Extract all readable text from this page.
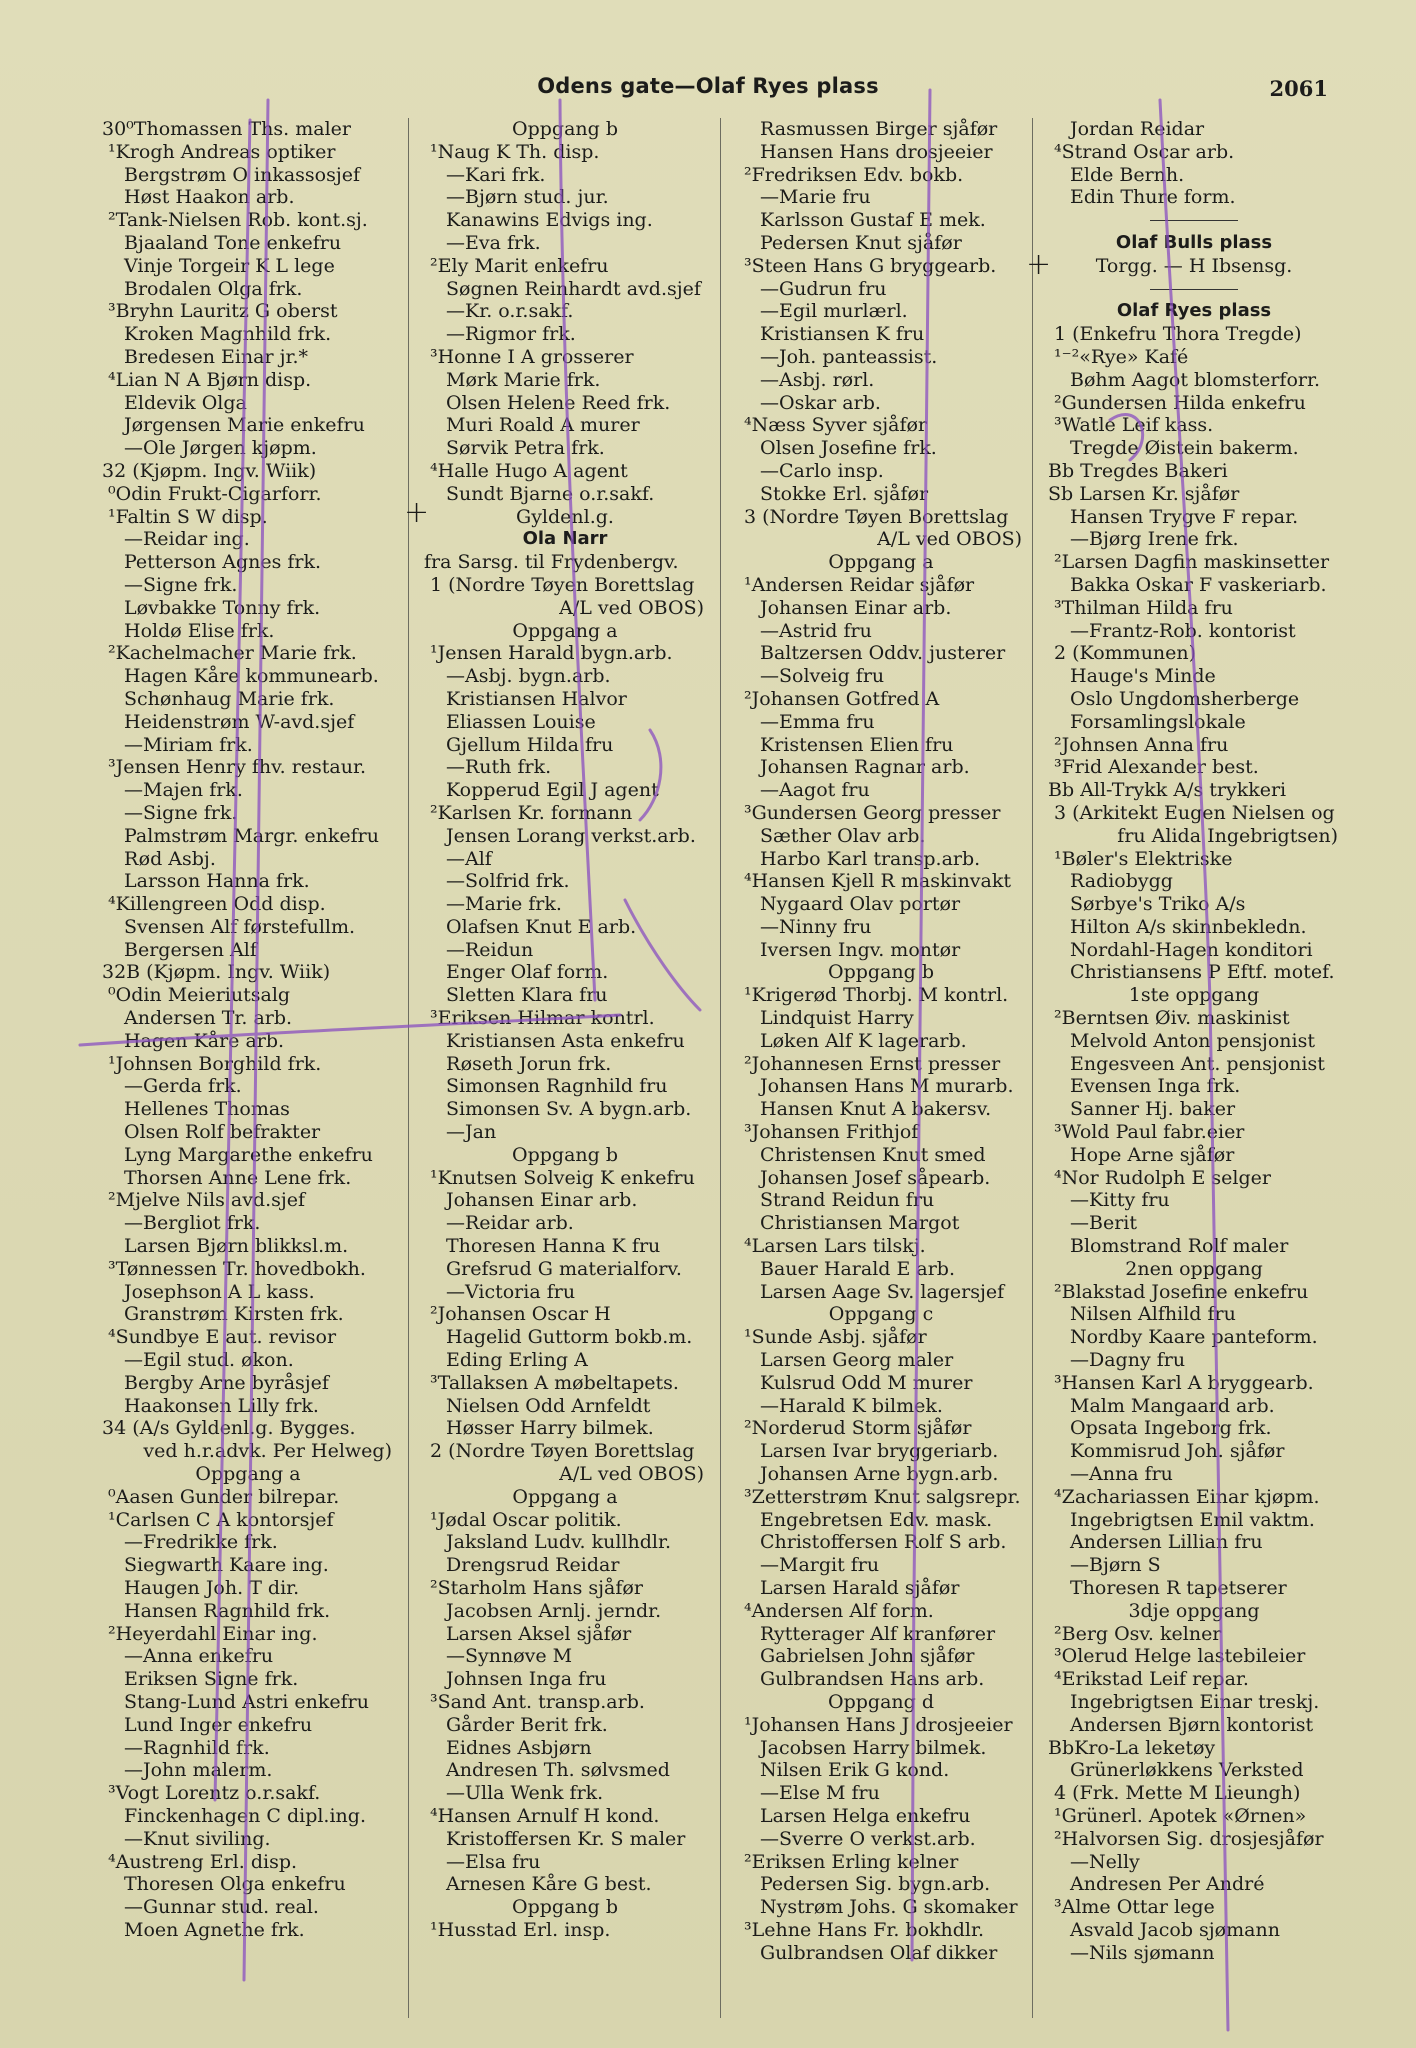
Odens gate—Olaf Ryes plass	2061
30⁰Thomassen Ths. maler
¹Krogh Andreas optiker
Bergstrøm O inkassosjef
Høst Haakon arb.
²Tank-Nielsen Rob. kont.sj.
Bjaaland Tone enkefru
Vinje Torgeir K L lege
Brodalen Olga frk.
³Bryhn Lauritz G oberst
Kroken Magnhild frk.
Bredesen Einar jr.*
⁴Lian N A Bjørn disp.
Eldevik Olga
Jørgensen Marie enkefru
—Ole Jørgen kjøpm.
32 (Kjøpm. Ingv. Wiik)
⁰Odin Frukt-Cigarforr.
¹Faltin S W disp.
—Reidar ing.
Petterson Agnes frk.
—Signe frk.
Løvbakke Tonny frk.
Holdø Elise frk.
²Kachelmacher Marie frk.
Hagen Kåre kommunearb.
Schønhaug Marie frk.
Heidenstrøm W-avd.sjef
—Miriam frk.
³Jensen Henry fhv. restaur.
—Majen frk.
—Signe frk.
Palmstrøm Margr. enkefru
Rød Asbj.
Larsson Hanna frk.
⁴Killengreen Odd disp.
Svensen Alf førstefullm.
Bergersen Alf
32B (Kjøpm. Ingv. Wiik)
⁰Odin Meieriutsalg
Andersen Tr. arb.
Hagen Kåre arb.
¹Johnsen Borghild frk.
—Gerda frk.
Hellenes Thomas
Olsen Rolf befrakter
Lyng Margarethe enkefru
Thorsen Anne Lene frk.
²Mjelve Nils avd.sjef
—Bergliot frk.
Larsen Bjørn blikksl.m.
³Tønnessen Tr. hovedbokh.
Josephson A L kass.
Granstrøm Kirsten frk.
⁴Sundbye E aut. revisor
—Egil stud. økon.
Bergby Arne byråsjef
Haakonsen Lilly frk.
34 (A/s Gyldenl.g. Bygges.
ved h.r.advk. Per Helweg)
Oppgang a
⁰Aasen Gunder bilrepar.
¹Carlsen C A kontorsjef
—Fredrikke frk.
Siegwarth Kaare ing.
Haugen Joh. T dir.
Hansen Ragnhild frk.
²Heyerdahl Einar ing.
—Anna enkefru
Eriksen Signe frk.
Stang-Lund Astri enkefru
Lund Inger enkefru
—Ragnhild frk.
—John malerm.
³Vogt Lorentz o.r.sakf.
Finckenhagen C dipl.ing.
—Knut siviling.
⁴Austreng Erl. disp.
Thoresen Olga enkefru
—Gunnar stud. real.
Moen Agnethe frk.
Oppgang b
¹Naug K Th. disp.
—Kari frk.
—Bjørn stud. jur.
Kanawins Edvigs ing.
—Eva frk.
²Ely Marit enkefru
Søgnen Reinhardt avd.sjef
—Kr. o.r.sakf.
—Rigmor frk.
³Honne I A grosserer
Mørk Marie frk.
Olsen Helene Reed frk.
Muri Roald A murer
Sørvik Petra frk.
⁴Halle Hugo A agent
Sundt Bjarne o.r.sakf.
Gyldenl.g.
Ola Narr
fra Sarsg. til Frydenbergv.
1 (Nordre Tøyen Borettslag
A/L ved OBOS)
Oppgang a
¹Jensen Harald bygn.arb.
—Asbj. bygn.arb.
Kristiansen Halvor
Eliassen Louise
Gjellum Hilda fru
—Ruth frk.
Kopperud Egil J agent
²Karlsen Kr. formann
Jensen Lorang verkst.arb.
—Alf
—Solfrid frk.
—Marie frk.
Olafsen Knut E arb.
—Reidun
Enger Olaf form.
Sletten Klara fru
³Eriksen Hilmar kontrl.
Kristiansen Asta enkefru
Røseth Jorun frk.
Simonsen Ragnhild fru
Simonsen Sv. A bygn.arb.
—Jan
Oppgang b
¹Knutsen Solveig K enkefru
Johansen Einar arb.
—Reidar arb.
Thoresen Hanna K fru
Grefsrud G materialforv.
—Victoria fru
²Johansen Oscar H
Hagelid Guttorm bokb.m.
Eding Erling A
³Tallaksen A møbeltapets.
Nielsen Odd Arnfeldt
Høsser Harry bilmek.
2 (Nordre Tøyen Borettslag
A/L ved OBOS)
Oppgang a
¹Jødal Oscar politik.
Jaksland Ludv. kullhdlr.
Drengsrud Reidar
²Starholm Hans sjåfør
Jacobsen Arnlj. jerndr.
Larsen Aksel sjåfør
—Synnøve M
Johnsen Inga fru
³Sand Ant. transp.arb.
Gårder Berit frk.
Eidnes Asbjørn
Andresen Th. sølvsmed
—Ulla Wenk frk.
⁴Hansen Arnulf H kond.
Kristoffersen Kr. S maler
—Elsa fru
Arnesen Kåre G best.
Oppgang b
¹Husstad Erl. insp.
Rasmussen Birger sjåfør
Hansen Hans drosjeeier
²Fredriksen Edv. bokb.
—Marie fru
Karlsson Gustaf E mek.
Pedersen Knut sjåfør
³Steen Hans G bryggearb.
—Gudrun fru
—Egil murlærl.
Kristiansen K fru
—Joh. panteassist.
—Asbj. rørl.
—Oskar arb.
⁴Næss Syver sjåfør
Olsen Josefine frk.
—Carlo insp.
Stokke Erl. sjåfør
3 (Nordre Tøyen Borettslag
A/L ved OBOS)
Oppgang a
¹Andersen Reidar sjåfør
Johansen Einar arb.
—Astrid fru
Baltzersen Oddv. justerer
—Solveig fru
²Johansen Gotfred A
—Emma fru
Kristensen Elien fru
Johansen Ragnar arb.
—Aagot fru
³Gundersen Georg presser
Sæther Olav arb.
Harbo Karl transp.arb.
⁴Hansen Kjell R maskinvakt
Nygaard Olav portør
—Ninny fru
Iversen Ingv. montør
Oppgang b
¹Krigerød Thorbj. M kontrl.
Lindquist Harry
Løken Alf K lagerarb.
²Johannesen Ernst presser
Johansen Hans M murarb.
Hansen Knut A bakersv.
³Johansen Frithjof
Christensen Knut smed
Johansen Josef såpearb.
Strand Reidun fru
Christiansen Margot
⁴Larsen Lars tilskj.
Bauer Harald E arb.
Larsen Aage Sv. lagersjef
Oppgang c
¹Sunde Asbj. sjåfør
Larsen Georg maler
Kulsrud Odd M murer
—Harald K bilmek.
²Norderud Storm sjåfør
Larsen Ivar bryggeriarb.
Johansen Arne bygn.arb.
³Zetterstrøm Knut salgsrepr.
Engebretsen Edv. mask.
Christoffersen Rolf S arb.
—Margit fru
Larsen Harald sjåfør
⁴Andersen Alf form.
Rytterager Alf kranfører
Gabrielsen John sjåfør
Gulbrandsen Hans arb.
Oppgang d
¹Johansen Hans J drosjeeier
Jacobsen Harry bilmek.
Nilsen Erik G kond.
—Else M fru
Larsen Helga enkefru
—Sverre O verkst.arb.
²Eriksen Erling kelner
Pedersen Sig. bygn.arb.
Nystrøm Johs. G skomaker
³Lehne Hans Fr. bokhdlr.
Gulbrandsen Olaf dikker
Jordan Reidar
⁴Strand Oscar arb.
Elde Bernh.
Edin Thure form.
Olaf Bulls plass
Torgg. — H Ibsensg.
Olaf Ryes plass
1 (Enkefru Thora Tregde)
¹⁻²«Rye» Kafé
Bøhm Aagot blomsterforr.
²Gundersen Hilda enkefru
³Watle Leif kass.
Tregde Øistein bakerm.
Bb Tregdes Bakeri
Sb Larsen Kr. sjåfør
Hansen Trygve F repar.
—Bjørg Irene frk.
²Larsen Dagfin maskinsetter
Bakka Oskar F vaskeriarb.
³Thilman Hilda fru
—Frantz-Rob. kontorist
2 (Kommunen)
Hauge's Minde
Oslo Ungdomsherberge
Forsamlingslokale
²Johnsen Anna fru
³Frid Alexander best.
Bb All-Trykk A/s trykkeri
3 (Arkitekt Eugen Nielsen og
fru Alida Ingebrigtsen)
¹Bøler's Elektriske
Radiobygg
Sørbye's Triko A/s
Hilton A/s skinnbekledn.
Nordahl-Hagen konditori
Christiansens P Eftf. motef.
1ste oppgang
²Berntsen Øiv. maskinist
Melvold Anton pensjonist
Engesveen Ant. pensjonist
Evensen Inga frk.
Sanner Hj. baker
³Wold Paul fabr.eier
Hope Arne sjåfør
⁴Nor Rudolph E selger
—Kitty fru
—Berit
Blomstrand Rolf maler
2nen oppgang
²Blakstad Josefine enkefru
Nilsen Alfhild fru
Nordby Kaare panteform.
—Dagny fru
³Hansen Karl A bryggearb.
Malm Mangaard arb.
Opsata Ingeborg frk.
Kommisrud Joh. sjåfør
—Anna fru
⁴Zachariassen Einar kjøpm.
Ingebrigtsen Emil vaktm.
Andersen Lillian fru
—Bjørn S
Thoresen R tapetserer
3dje oppgang
²Berg Osv. kelner
³Olerud Helge lastebileier
⁴Erikstad Leif repar.
Ingebrigtsen Einar treskj.
Andersen Bjørn kontorist
BbKro-La leketøy
Grünerløkkens Verksted
4 (Frk. Mette M Lieungh)
¹Grünerl. Apotek «Ørnen»
²Halvorsen Sig. drosjesjåfør
—Nelly
Andresen Per André
³Alme Ottar lege
Asvald Jacob sjømann
—Nils sjømann
+
+
